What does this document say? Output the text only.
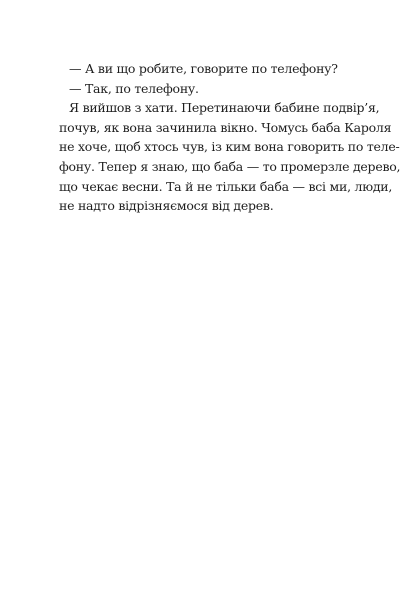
— А ви що робите, говорите по телефону?
— Так, по телефону.
Я вийшов з хати. Перетинаючи бабине подвір’я,
почув, як вона зачинила вікно. Чомусь баба Кароля
не хоче, щоб хтось чув, із ким вона говорить по теле-
фону. Тепер я знаю, що баба — то промерзле дерево,
що чекає весни. Та й не тільки баба — всі ми, люди,
не надто відрізняємося від дерев.
